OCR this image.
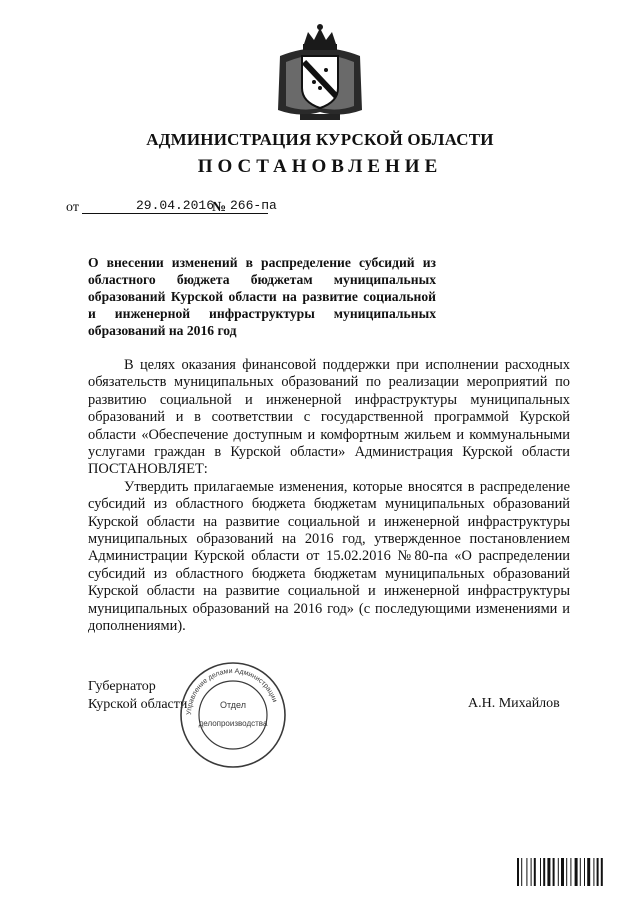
АДМИНИСТРАЦИЯ КУРСКОЙ ОБЛАСТИ
ПОСТАНОВЛЕНИЕ
от	29.04.2016
№ 266-па
О внесении изменений в распределение субсидий из областного бюджета бюджетам муниципальных образований Курской области на развитие социальной и инженерной инфраструктуры муниципальных образований на 2016 год

В целях оказания финансовой поддержки при исполнении расходных обязательств муниципальных образований по реализации мероприятий по развитию социальной и инженерной инфраструктуры муниципальных образований и в соответствии с государственной программой Курской области «Обеспечение доступным и комфортным жильем и коммунальными услугами граждан в Курской области» Администрация Курской области ПОСТАНОВЛЯЕТ:

Утвердить прилагаемые изменения, которые вносятся в распределение субсидий из областного бюджета бюджетам муниципальных образований Курской области на развитие социальной и инженерной инфраструктуры муниципальных образований на 2016 год, утвержденное постановлением Администрации Курской области от 15.02.2016 №80-па «О распределении субсидий из областного бюджета бюджетам муниципальных образований Курской области на развитие социальной и инженерной инфраструктуры муниципальных образований на 2016 год» (с последующими изменениями и дополнениями).

Губернатор
Курской области
Управление делами Администрации
Отдел
делопроизводства
А.Н. Михайлов
